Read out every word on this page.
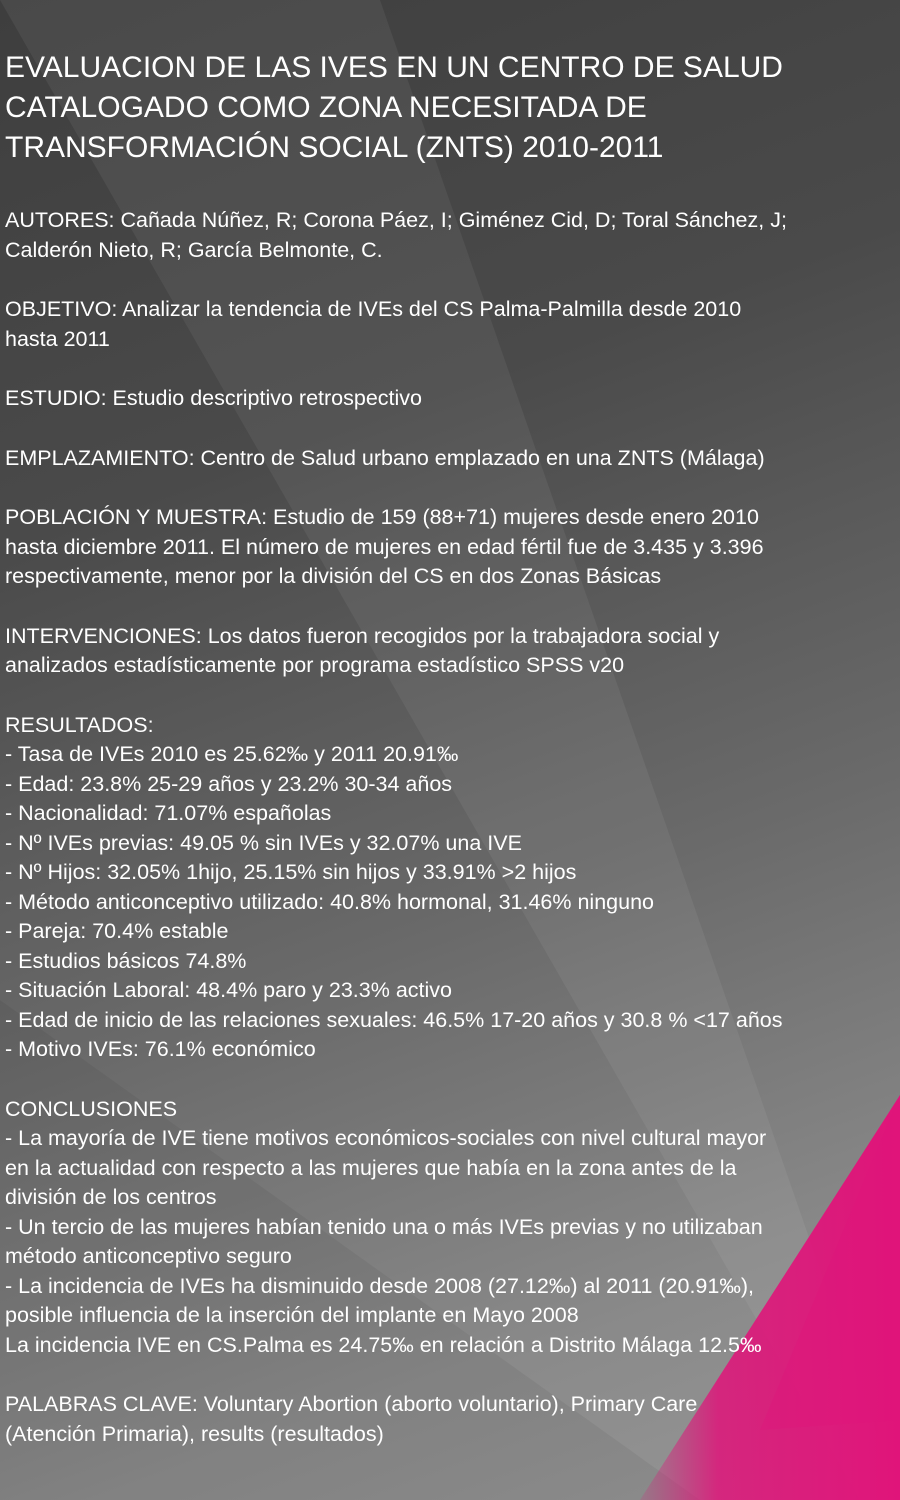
EVALUACION DE LAS IVES EN UN CENTRO DE SALUD
CATALOGADO COMO ZONA NECESITADA DE
TRANSFORMACIÓN SOCIAL (ZNTS) 2010-2011
AUTORES: Cañada Núñez, R; Corona Páez, I; Giménez Cid, D; Toral Sánchez, J;
Calderón Nieto, R; García Belmonte, C.
OBJETIVO: Analizar la tendencia de IVEs del CS Palma-Palmilla desde 2010
hasta 2011
ESTUDIO: Estudio descriptivo retrospectivo
EMPLAZAMIENTO: Centro de Salud urbano emplazado en una ZNTS (Málaga)
POBLACIÓN Y MUESTRA: Estudio de 159 (88+71) mujeres desde enero 2010
hasta diciembre 2011. El número de mujeres en edad fértil fue de 3.435 y 3.396
respectivamente, menor por la división del CS en dos Zonas Básicas
INTERVENCIONES: Los datos fueron recogidos por la trabajadora social y
analizados estadísticamente por programa estadístico SPSS v20
RESULTADOS:
- Tasa de IVEs 2010 es 25.62‰ y 2011 20.91‰
- Edad: 23.8% 25-29 años y 23.2% 30-34 años
- Nacionalidad: 71.07% españolas
- Nº IVEs previas: 49.05 % sin IVEs y 32.07% una IVE
- Nº Hijos: 32.05% 1hijo, 25.15% sin hijos y 33.91% >2 hijos
- Método anticonceptivo utilizado: 40.8% hormonal, 31.46% ninguno
- Pareja: 70.4% estable
- Estudios básicos 74.8%
- Situación Laboral: 48.4% paro y 23.3% activo
- Edad de inicio de las relaciones sexuales: 46.5% 17-20 años y 30.8 % <17 años
- Motivo IVEs: 76.1% económico
CONCLUSIONES
- La mayoría de IVE tiene motivos económicos-sociales con nivel cultural mayor
en la actualidad con respecto a las mujeres que había en la zona antes de la
división de los centros
- Un tercio de las mujeres habían tenido una o más IVEs previas y no utilizaban
método anticonceptivo seguro
- La incidencia de IVEs ha disminuido desde 2008 (27.12‰) al 2011 (20.91‰),
posible influencia de la inserción del implante en Mayo 2008
La incidencia IVE en CS.Palma es 24.75‰ en relación a Distrito Málaga 12.5‰
PALABRAS CLAVE: Voluntary Abortion (aborto voluntario), Primary Care
(Atención Primaria), results (resultados)
